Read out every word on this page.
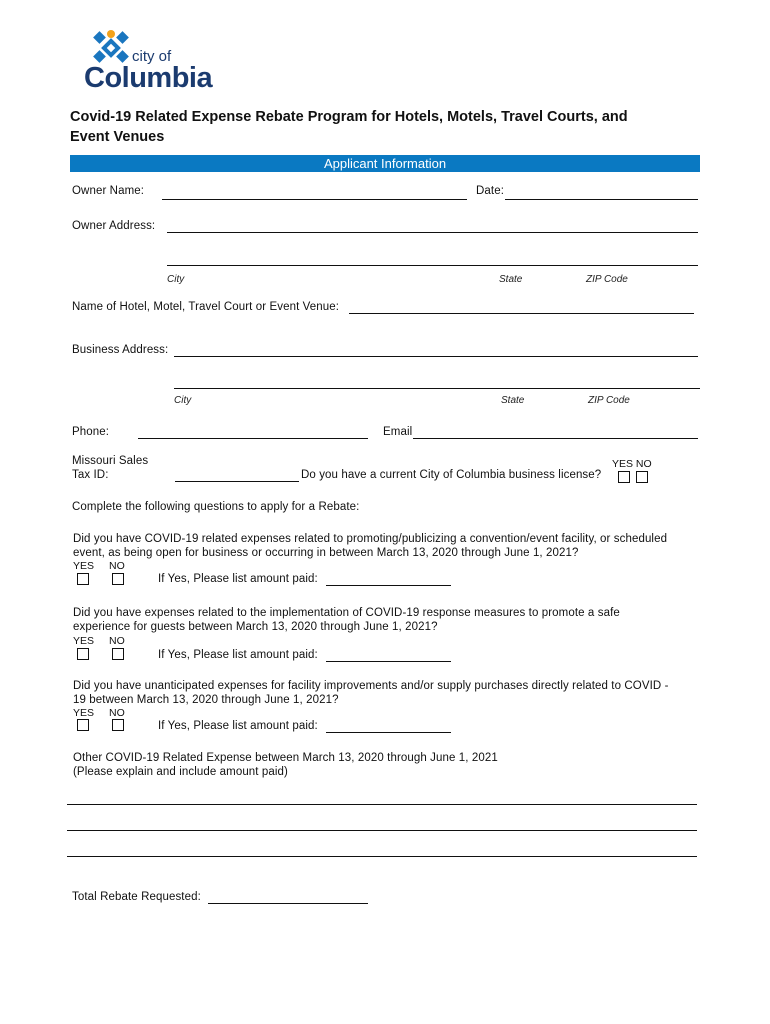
city of
Columbia
Covid-19 Related Expense Rebate Program for Hotels, Motels, Travel Courts, and
Event Venues
Applicant Information
Owner Name:	Date:
Owner Address:
City	State	ZIP Code
Name of Hotel, Motel, Travel Court or Event Venue:
Business Address:
City	State	ZIP Code
Phone:	Email
Missouri Sales
Tax ID:	Do you have a current City of Columbia business license?
YES NO
Complete the following questions to apply for a Rebate:
Did you have COVID-19 related expenses related to promoting/publicizing a convention/event facility, or scheduled
event, as being open for business or occurring in between March 13, 2020 through June 1, 2021?
YES NO
If Yes, Please list amount paid:
Did you have expenses related to the implementation of COVID-19 response measures to promote a safe
experience for guests between March 13, 2020 through June 1, 2021?
YES NO
If Yes, Please list amount paid:
Did you have unanticipated expenses for facility improvements and/or supply purchases directly related to COVID -
19 between March 13, 2020 through June 1, 2021?
YES NO
If Yes, Please list amount paid:
Other COVID-19 Related Expense between March 13, 2020 through June 1, 2021
(Please explain and include amount paid)
Total Rebate Requested:
